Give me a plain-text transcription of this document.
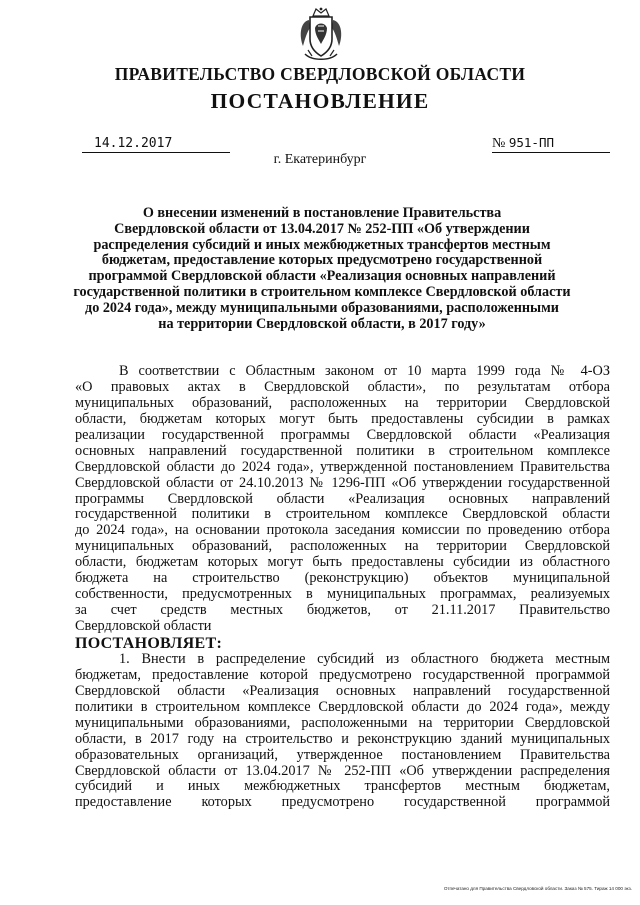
ПРАВИТЕЛЬСТВО СВЕРДЛОВСКОЙ ОБЛАСТИ
ПОСТАНОВЛЕНИЕ
14.12.2017	№ 951-ПП
г. Екатеринбург
О внесении изменений в постановление Правительства
Свердловской области от 13.04.2017 № 252-ПП «Об утверждении
распределения субсидий и иных межбюджетных трансфертов местным
бюджетам, предоставление которых предусмотрено государственной
программой Свердловской области «Реализация основных направлений
государственной политики в строительном комплексе Свердловской области
до 2024 года», между муниципальными образованиями, расположенными
на территории Свердловской области, в 2017 году»
В соответствии с Областным законом от 10 марта 1999 года № 4-ОЗ
«О правовых актах в Свердловской области», по результатам отбора
муниципальных образований, расположенных на территории Свердловской
области, бюджетам которых могут быть предоставлены субсидии в рамках
реализации государственной программы Свердловской области «Реализация
основных направлений государственной политики в строительном комплексе
Свердловской области до 2024 года», утвержденной постановлением Правительства
Свердловской области от 24.10.2013 № 1296-ПП «Об утверждении государственной
программы Свердловской области «Реализация основных направлений
государственной политики в строительном комплексе Свердловской области
до 2024 года», на основании протокола заседания комиссии по проведению отбора
муниципальных образований, расположенных на территории Свердловской
области, бюджетам которых могут быть предоставлены субсидии из областного
бюджета на строительство (реконструкцию) объектов муниципальной
собственности, предусмотренных в муниципальных программах, реализуемых
за счет средств местных бюджетов, от 21.11.2017 Правительство
Свердловской области
ПОСТАНОВЛЯЕТ:
1. Внести в распределение субсидий из областного бюджета местным
бюджетам, предоставление которой предусмотрено государственной программой
Свердловской области «Реализация основных направлений государственной
политики в строительном комплексе Свердловской области до 2024 года», между
муниципальными образованиями, расположенными на территории Свердловской
области, в 2017 году на строительство и реконструкцию зданий муниципальных
образовательных организаций, утвержденное постановлением Правительства
Свердловской области от 13.04.2017 № 252-ПП «Об утверждении распределения
субсидий и иных межбюджетных трансфертов местным бюджетам,
предоставление которых предусмотрено государственной программой
Отпечатано для Правительства Свердловской области. Заказ № 575. Тираж 14 000 экз.
